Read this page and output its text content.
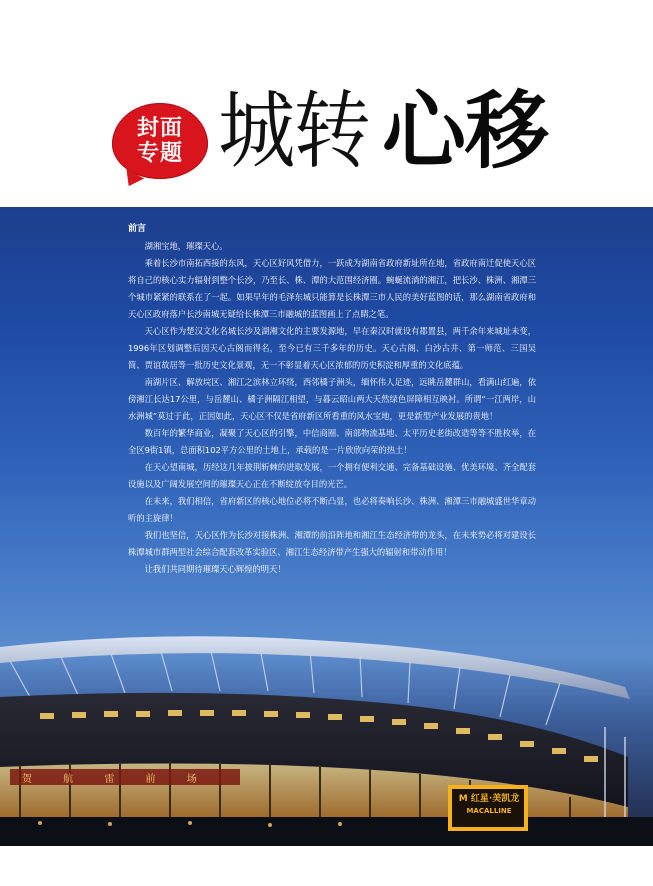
封面
专题 城转 心移
前言

湖湘宝地，璀璨天心。

乘着长沙市南拓西接的东风，天心区好风凭借力，一跃成为湖南省政府新址所在地，省政府南迁促使天心区将自己的核心实力辐射到整个长沙，乃至长、株、潭的大范围经济圈。蜿蜒流淌的湘江，把长沙、株洲、湘潭三个城市紧紧的联系在了一起。如果早年的毛泽东城只能算是长株潭三市人民的美好蓝图的话，那么湖南省政府和天心区政府落户长沙南城无疑给长株潭三市融城的蓝图画上了点睛之笔。

天心区作为楚汉文化名城长沙及湖湘文化的主要发源地，早在秦汉时就设有郡置县，两千余年来城址未变，1996年区划调整后因天心古阁而得名，至今已有三千多年的历史。天心古阁、白沙古井、第一师范、三国吴简、贾谊故居等一批历史文化景观，无一不彰显着天心区浓郁的历史积淀和厚重的文化底蕴。

南湖片区、解放垸区、湘江之滨林立环绕，西邻橘子洲头，缅怀伟人足迹，远眺岳麓群山，看满山红遍，依傍湘江长达17公里，与岳麓山、橘子洲隔江相望，与暮云昭山两大天然绿色屏障相互映衬。所谓“一江两岸，山水洲城”莫过于此，正因如此，天心区不仅是省府新区所看重的风水宝地，更是新型产业发展的贵地！

数百年的繁华商业，凝聚了天心区的引擎，中信商圈、南部物流基地、太平历史老街改造等等不胜枚举，在全区9街1镇，总面积102平方公里的土地上，承载的是一片欣欣向荣的热土！

在天心望南城，历经这几年披荆斩棘的进取发展，一个拥有便利交通、完备基础设施、优美环境、齐全配套设施以及广阔发展空间的璀璨天心正在不断绽放夺目的光芒。

在未来，我们相信，省府新区的核心地位必将不断凸显，也必将奏响长沙、株洲、湘潭三市融城盛世华章动听的主旋律！

我们也坚信，天心区作为长沙对接株洲、湘潭的前沿阵地和湘江生态经济带的龙头，在未来势必将对建设长株潭城市群两型社会综合配套改革实验区、湘江生态经济带产生强大的辐射和带动作用！

让我们共同期待璀璨天心辉煌的明天！

贺 航 雷 前 场
M 红星·美凯龙
MACALLINE
